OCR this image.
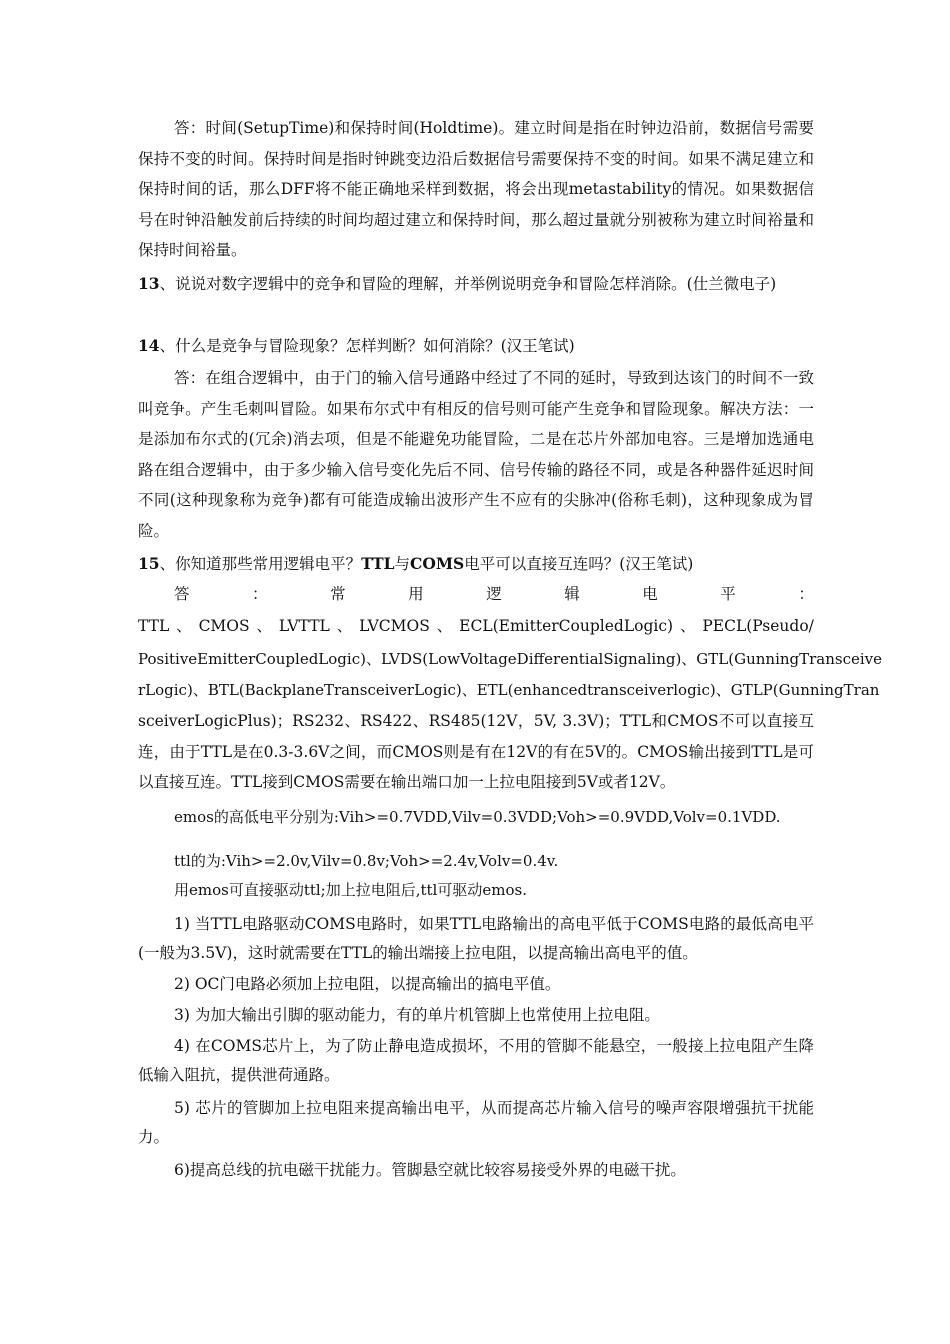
答：时间(SetupTime)和保持时间(Holdtime)。建立时间是指在时钟边沿前，数据信号需要保持不变的时间。保持时间是指时钟跳变边沿后数据信号需要保持不变的时间。如果不满足建立和保持时间的话，那么DFF将不能正确地采样到数据，将会出现metastability的情况。如果数据信号在时钟沿触发前后持续的时间均超过建立和保持时间，那么超过量就分别被称为建立时间裕量和保持时间裕量。

13、说说对数字逻辑中的竞争和冒险的理解，并举例说明竞争和冒险怎样消除。(仕兰微电子)

14、什么是竞争与冒险现象？怎样判断？如何消除？(汉王笔试)

答：在组合逻辑中，由于门的输入信号通路中经过了不同的延时，导致到达该门的时间不一致叫竞争。产生毛刺叫冒险。如果布尔式中有相反的信号则可能产生竞争和冒险现象。解决方法：一是添加布尔式的(冗余)消去项，但是不能避免功能冒险，二是在芯片外部加电容。三是增加选通电路在组合逻辑中，由于多少输入信号变化先后不同、信号传输的路径不同，或是各种器件延迟时间不同(这种现象称为竞争)都有可能造成输出波形产生不应有的尖脉冲(俗称毛刺)，这种现象成为冒险。

15、你知道那些常用逻辑电平？TTL与COMS电平可以直接互连吗？(汉王笔试)

答	：	常	用	逻	辑	电	平	：
TTL 、 CMOS 、 LVTTL 、 LVCMOS 、 ECL(EmitterCoupledLogic) 、 PECL(Pseudo/
PositiveEmitterCoupledLogic)、LVDS(LowVoltageDifferentialSignaling)、GTL(GunningTransceive
rLogic)、BTL(BackplaneTransceiverLogic)、ETL(enhancedtransceiverlogic)、GTLP(GunningTran

sceiverLogicPlus)；RS232、RS422、RS485(12V，5V, 3.3V)；TTL和CMOS不可以直接互连，由于TTL是在0.3-3.6V之间，而CMOS则是有在12V的有在5V的。CMOS输出接到TTL是可以直接互连。TTL接到CMOS需要在输出端口加一上拉电阻接到5V或者12V。

emos的高低电平分别为:Vih>=0.7VDD,Vilv=0.3VDD;Voh>=0.9VDD,Volv=0.1VDD.
ttl的为:Vih>=2.0v,Vilv=0.8v;Voh>=2.4v,Volv=0.4v.
用emos可直接驱动ttl;加上拉电阻后,ttl可驱动emos.

1) 当TTL电路驱动COMS电路时，如果TTL电路输出的高电平低于COMS电路的最低高电平(一般为3.5V)，这时就需要在TTL的输出端接上拉电阻，以提高输出高电平的值。

2) OC门电路必须加上拉电阻，以提高输出的搞电平值。

3) 为加大输出引脚的驱动能力，有的单片机管脚上也常使用上拉电阻。

4) 在COMS芯片上，为了防止静电造成损坏，不用的管脚不能悬空，一般接上拉电阻产生降低输入阻抗，提供泄荷通路。

5) 芯片的管脚加上拉电阻来提高输出电平，从而提高芯片输入信号的噪声容限增强抗干扰能力。

6)提高总线的抗电磁干扰能力。管脚悬空就比较容易接受外界的电磁干扰。
